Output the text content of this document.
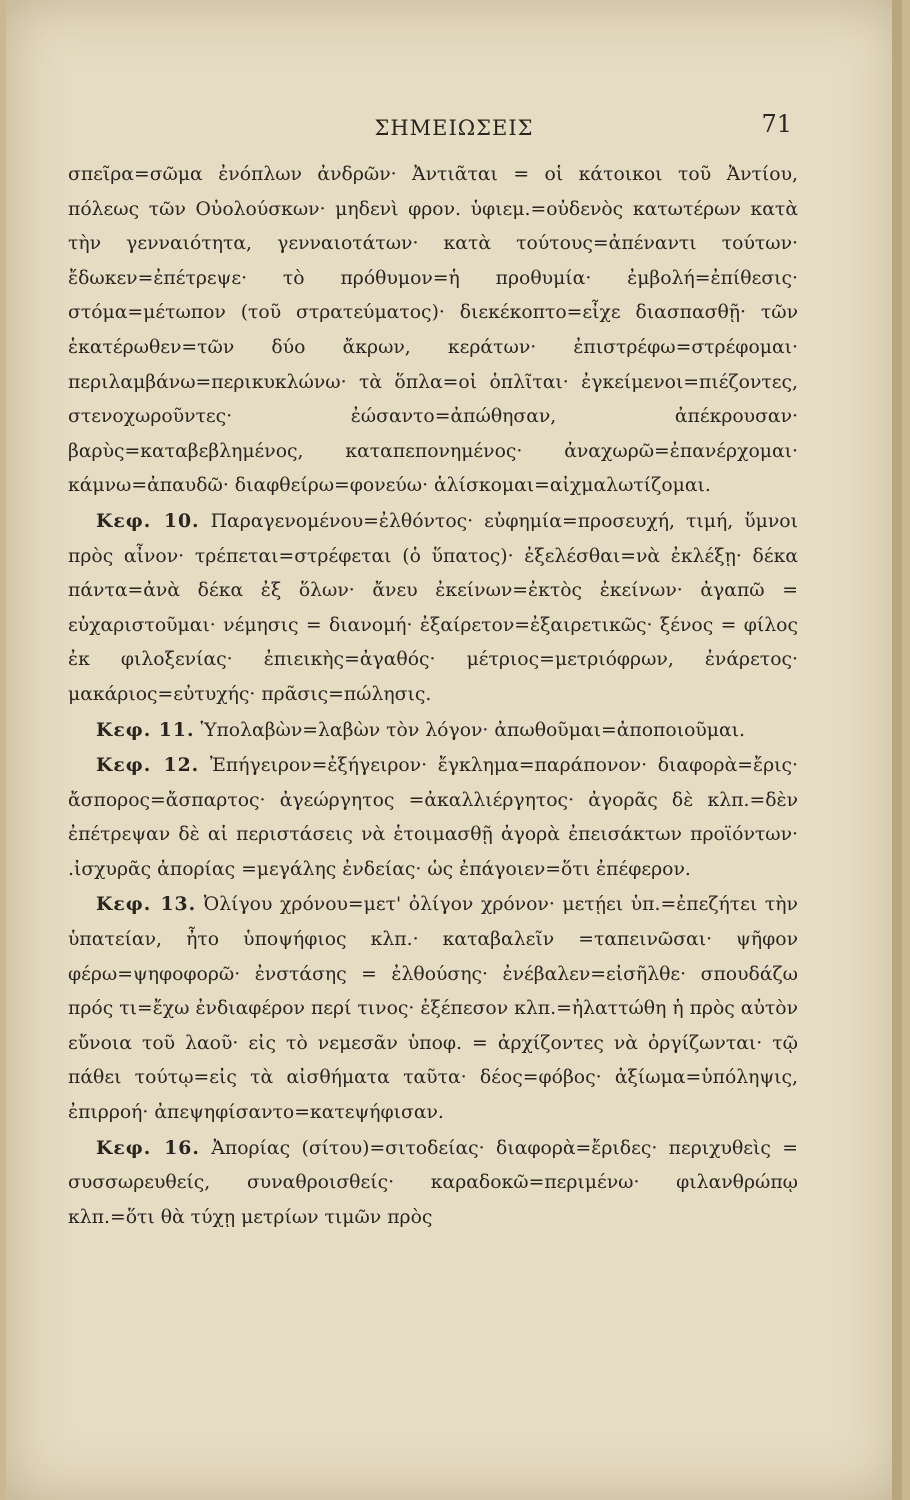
ΣΗΜΕΙΩΣΕΙΣ	71

σπεῖρα=σῶμα ἐνόπλων ἀνδρῶν· Ἀντιᾶται = οἱ κάτοικοι τοῦ Ἀντίου, πόλεως τῶν Οὐολούσκων· μηδενὶ φρον. ὑφιεμ.=οὐδενὸς κατωτέρων κατὰ τὴν γενναιότητα, γενναιοτάτων· κατὰ τούτους=ἀπέναντι τούτων· ἔδωκεν=ἐπέτρεψε· τὸ πρόθυμον=ἡ προθυμία· ἐμβολή=ἐπίθεσις· στόμα=μέτωπον (τοῦ στρατεύματος)· διεκέκοπτο=εἶχε διασπασθῇ· τῶν ἑκατέρωθεν=τῶν δύο ἄκρων, κεράτων· ἐπιστρέφω=στρέφομαι· περιλαμβάνω=περικυκλώνω· τὰ ὅπλα=οἱ ὁπλῖται· ἐγκείμενοι=πιέζοντες, στενοχωροῦντες· ἐώσαντο=ἀπώθησαν, ἀπέκρουσαν· βαρὺς=καταβεβλημένος, καταπεπονημένος· ἀναχωρῶ=ἐπανέρχομαι· κάμνω=ἀπαυδῶ· διαφθείρω=φονεύω· ἁλίσκομαι=αἰχμαλωτίζομαι.

Κεφ. 10. Παραγενομένου=ἐλθόντος· εὐφημία=προσευχή, τιμή, ὕμνοι πρὸς αἶνον· τρέπεται=στρέφεται (ὁ ὕπατος)· ἐξελέσθαι=νὰ ἐκλέξῃ· δέκα πάντα=ἀνὰ δέκα ἐξ ὅλων· ἄνευ ἐκείνων=ἐκτὸς ἐκείνων· ἀγαπῶ = εὐχαριστοῦμαι· νέμησις = διανομή· ἐξαίρετον=ἐξαιρετικῶς· ξένος = φίλος ἐκ φιλοξενίας· ἐπιεικὴς=ἀγαθός· μέτριος=μετριόφρων, ἐνάρετος· μακάριος=εὐτυχής· πρᾶσις=πώλησις.

Κεφ. 11. Ὑπολαβὼν=λαβὼν τὸν λόγον· ἀπωθοῦμαι=ἀποποιοῦμαι.

Κεφ. 12. Ἐπήγειρον=ἐξήγειρον· ἔγκλημα=παράπονον· διαφορὰ=ἔρις· ἄσπορος=ἄσπαρτος· ἀγεώργητος =ἀκαλλιέργητος· ἀγορᾶς δὲ κλπ.=δὲν ἐπέτρεψαν δὲ αἱ περιστάσεις νὰ ἑτοιμασθῇ ἀγορὰ ἐπεισάκτων προϊόντων· .ἰσχυρᾶς ἀπορίας =μεγάλης ἐνδείας· ὡς ἐπάγοιεν=ὅτι ἐπέφερον.

Κεφ. 13. Ὀλίγου χρόνου=μετ' ὀλίγον χρόνον· μετῄει ὑπ.=ἐπεζήτει τὴν ὑπατείαν, ἦτο ὑποψήφιος κλπ.· καταβαλεῖν =ταπεινῶσαι· ψῆφον φέρω=ψηφοφορῶ· ἐνστάσης = ἐλθούσης· ἐνέβαλεν=εἰσῆλθε· σπουδάζω πρός τι=ἔχω ἐνδιαφέρον περί τινος· ἐξέπεσον κλπ.=ἠλαττώθη ἡ πρὸς αὐτὸν εὔνοια τοῦ λαοῦ· εἰς τὸ νεμεσᾶν ὑποφ. = ἀρχίζοντες νὰ ὀργίζωνται· τῷ πάθει τούτῳ=εἰς τὰ αἰσθήματα ταῦτα· δέος=φόβος· ἀξίωμα=ὑπόληψις, ἐπιρροή· ἀπεψηφίσαντο=κατεψήφισαν.

Κεφ. 16. Ἀπορίας (σίτου)=σιτοδείας· διαφορὰ=ἔριδες· περιχυθεὶς = συσσωρευθείς, συναθροισθείς· καραδοκῶ=περιμένω· φιλανθρώπῳ κλπ.=ὅτι θὰ τύχῃ μετρίων τιμῶν πρὸς
